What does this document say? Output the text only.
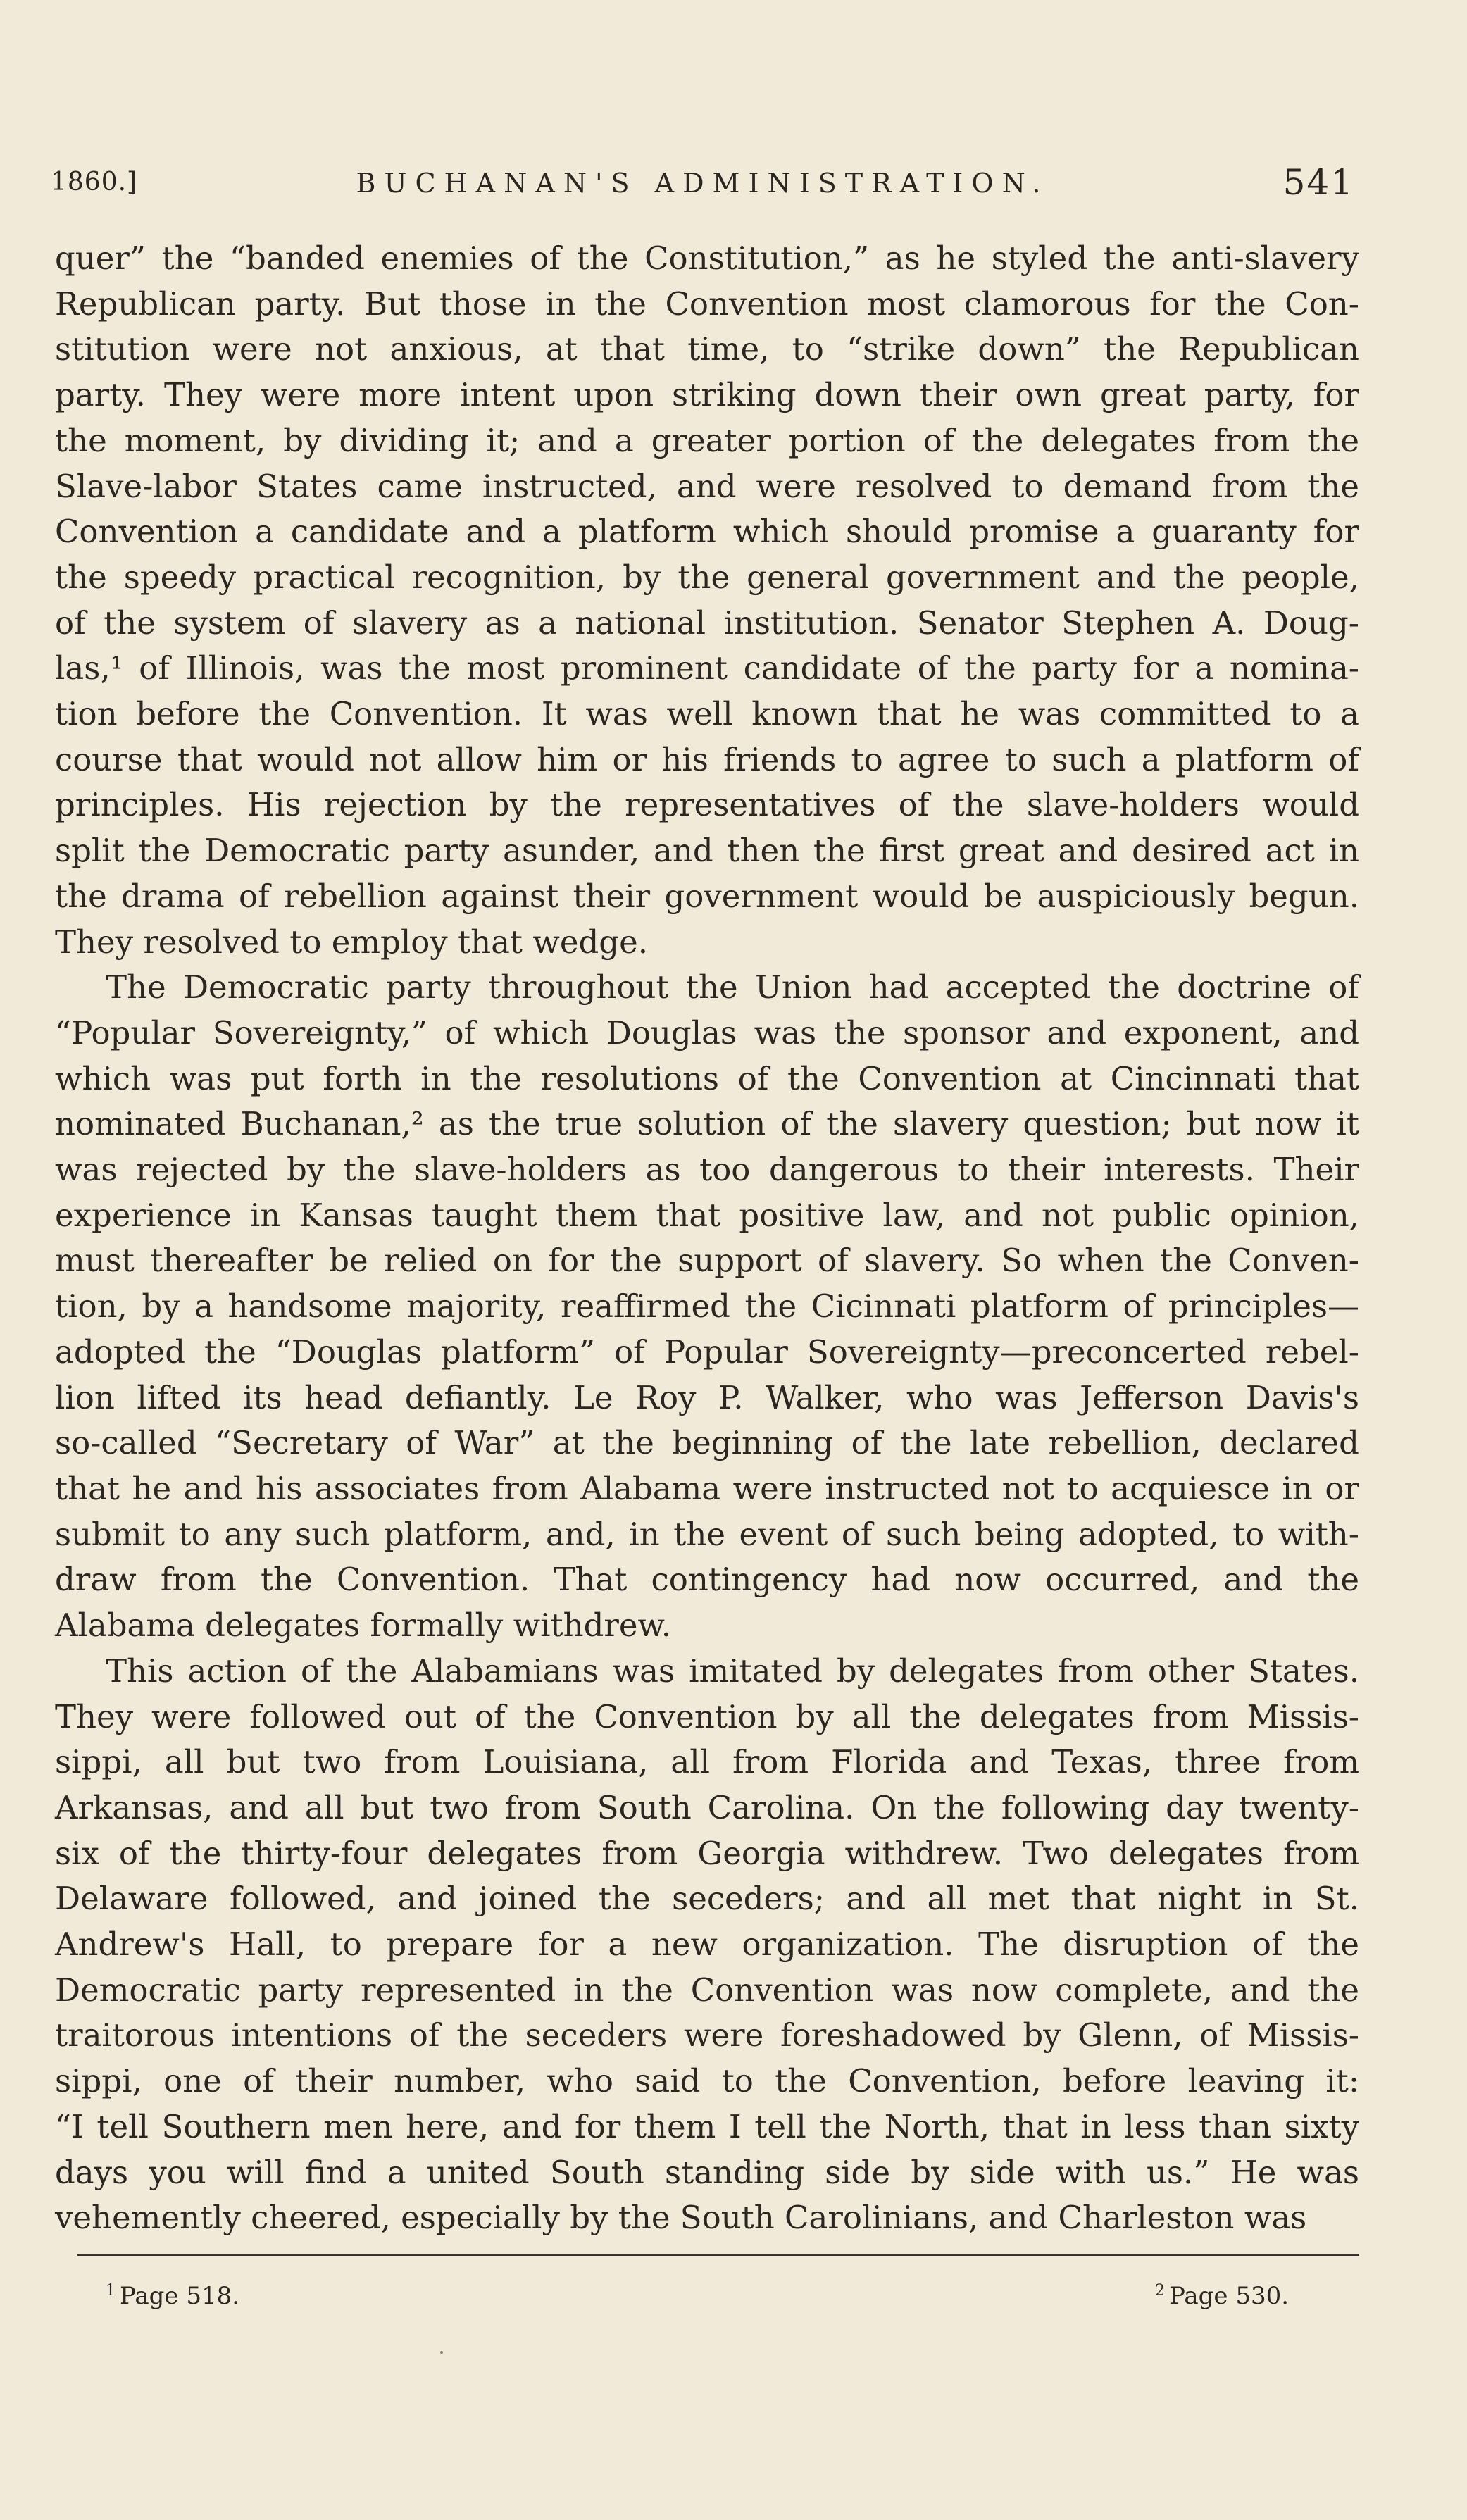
1860.]	BUCHANAN'S ADMINISTRATION.	541

quer” the “banded enemies of the Constitution,” as he styled the anti-slavery
Republican party. But those in the Convention most clamorous for the Con-
stitution were not anxious, at that time, to “strike down” the Republican
party. They were more intent upon striking down their own great party, for
the moment, by dividing it; and a greater portion of the delegates from the
Slave-labor States came instructed, and were resolved to demand from the
Convention a candidate and a platform which should promise a guaranty for
the speedy practical recognition, by the general government and the people,
of the system of slavery as a national institution. Senator Stephen A. Doug-
las,¹ of Illinois, was the most prominent candidate of the party for a nomina-
tion before the Convention. It was well known that he was committed to a
course that would not allow him or his friends to agree to such a platform of
principles. His rejection by the representatives of the slave-holders would
split the Democratic party asunder, and then the first great and desired act in
the drama of rebellion against their government would be auspiciously begun.
They resolved to employ that wedge.

The Democratic party throughout the Union had accepted the doctrine of
“Popular Sovereignty,” of which Douglas was the sponsor and exponent, and
which was put forth in the resolutions of the Convention at Cincinnati that
nominated Buchanan,² as the true solution of the slavery question; but now it
was rejected by the slave-holders as too dangerous to their interests. Their
experience in Kansas taught them that positive law, and not public opinion,
must thereafter be relied on for the support of slavery. So when the Conven-
tion, by a handsome majority, reaffirmed the Cicinnati platform of principles—
adopted the “Douglas platform” of Popular Sovereignty—preconcerted rebel-
lion lifted its head defiantly. Le Roy P. Walker, who was Jefferson Davis's
so-called “Secretary of War” at the beginning of the late rebellion, declared
that he and his associates from Alabama were instructed not to acquiesce in or
submit to any such platform, and, in the event of such being adopted, to with-
draw from the Convention. That contingency had now occurred, and the
Alabama delegates formally withdrew.

This action of the Alabamians was imitated by delegates from other States.
They were followed out of the Convention by all the delegates from Missis-
sippi, all but two from Louisiana, all from Florida and Texas, three from
Arkansas, and all but two from South Carolina. On the following day twenty-
six of the thirty-four delegates from Georgia withdrew. Two delegates from
Delaware followed, and joined the seceders; and all met that night in St.
Andrew's Hall, to prepare for a new organization. The disruption of the
Democratic party represented in the Convention was now complete, and the
traitorous intentions of the seceders were foreshadowed by Glenn, of Missis-
sippi, one of their number, who said to the Convention, before leaving it:
“I tell Southern men here, and for them I tell the North, that in less than sixty
days you will find a united South standing side by side with us.” He was
vehemently cheered, especially by the South Carolinians, and Charleston was

$^1$ Page 518.	$^2$ Page 530.
